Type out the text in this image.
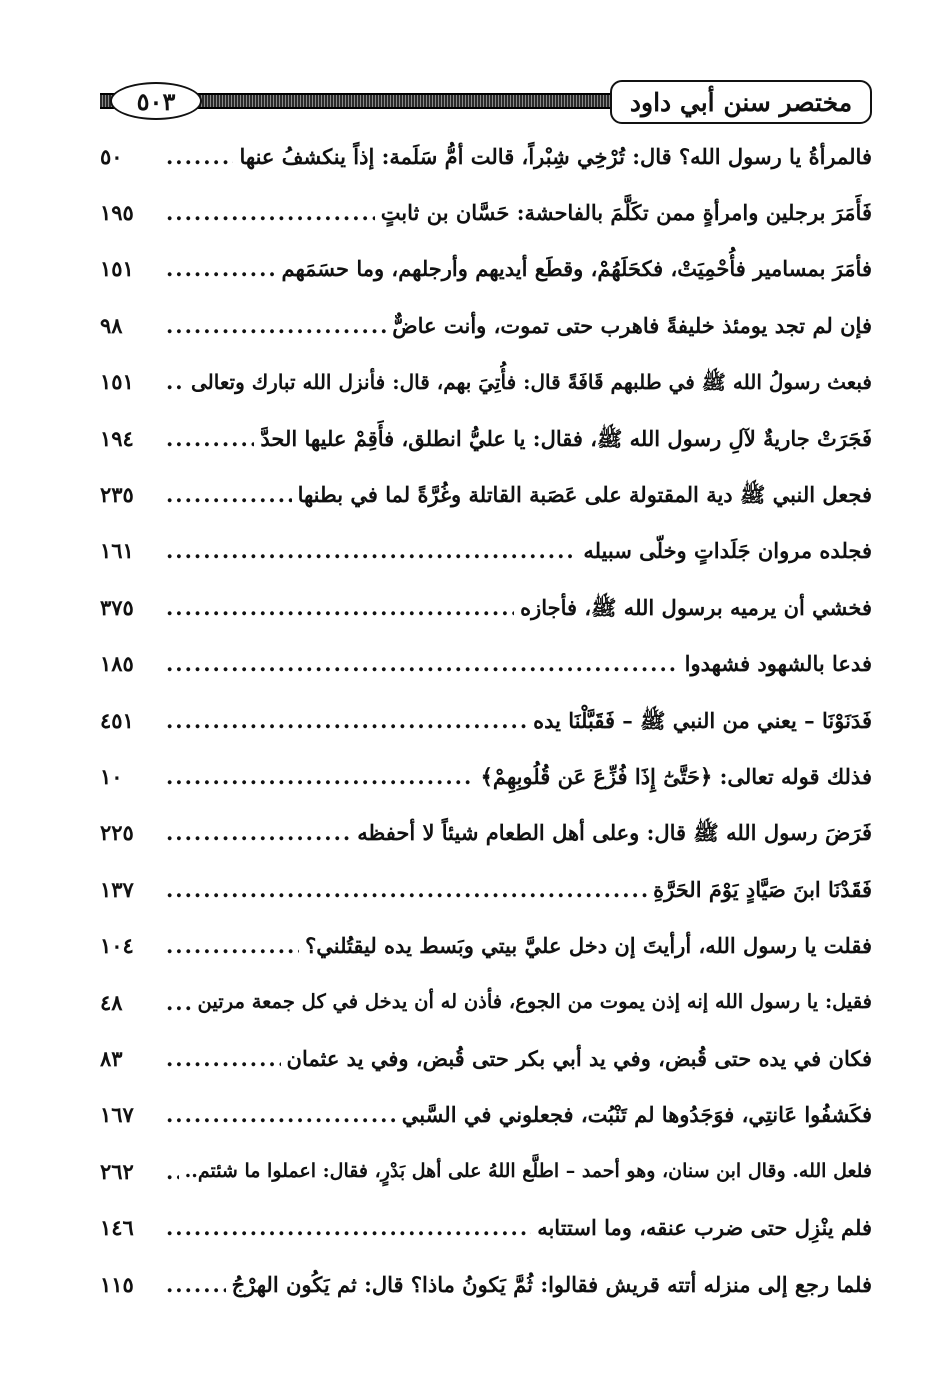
٥٠٣	مختصر سنن أبي داود
فالمرأةُ يا رسول الله؟ قال: تُرْخِي شِبْراً، قالت أمُّ سَلَمة: إذاً ينكشفُ عنها
.....
٥٠
فَأَمَرَ برجلين وامرأةٍ ممن تكَلَّمَ بالفاحشة: حَسَّان بن ثابتٍ
.....
١٩٥
فأمَرَ بمسامير فأُحْمِيَتْ، فكحَلَهُمْ، وقطَع أيديهم وأرجلهم، وما حسَمَهم
.....
١٥١
فإن لم تجد يومئذ خليفةً فاهرب حتى تموت، وأنت عاضٌّ
.....
٩٨
فبعث رسولُ الله ﷺ في طلبهم قَافَةً قال: فأُتِيَ بهم، قال: فأنزل الله تبارك وتعالى
.....
١٥١
فَجَرَتْ جاريةٌ لآلِ رسول الله ﷺ، فقال: يا عليُّ انطلق، فأَقِمْ عليها الحدَّ
.....
١٩٤
فجعل النبي ﷺ دية المقتولة على عَصَبة القاتلة وغُرَّةً لما في بطنها
.....
٢٣٥
فجلده مروان جَلَداتٍ وخلّى سبيله
.....
١٦١
فخشي أن يرميه برسول الله ﷺ، فأجازه
.....
٣٧٥
فدعا بالشهود فشهدوا
.....
١٨٥
فَدَنَوْنَا – يعني من النبي ﷺ – فَقَبَّلْنَا يده
.....
٤٥١
فذلك قوله تعالى: ﴿حَتَّىٰٓ إِذَا فُزِّعَ عَن قُلُوبِهِمْ﴾
.....
١٠
فَرَضَ رسول الله ﷺ قال: وعلى أهل الطعام شيئاً لا أحفظه
.....
٢٢٥
فَقَدْنَا ابنَ صَيَّادٍ يَوْمَ الحَرَّةِ
.....
١٣٧
فقلت يا رسول الله، أرأيتَ إن دخل عليَّ بيتي وبَسط يده ليقتُلني؟
.....
١٠٤
فقيل: يا رسول الله إنه إذن يموت من الجوع، فأذن له أن يدخل في كل جمعة مرتين
.....
٤٨
فكان في يده حتى قُبض، وفي يد أبي بكر حتى قُبض، وفي يد عثمان
.....
٨٣
فكَشفُوا عَانتِي، فوَجَدُوها لم تَنْبُت، فجعلوني في السَّبي
.....
١٦٧
فلعل الله. وقال ابن سنان، وهو أحمد – اطلَّع اللهُ على أهل بَدْرٍ، فقال: اعملوا ما شئتم..
.....
٢٦٢
فلم ينْزِل حتى ضرب عنقه، وما استتابه
.....
١٤٦
فلما رجع إلى منزله أتته قريش فقالوا: ثُمَّ يَكونُ ماذا؟ قال: ثم يَكُون الهرْجُ
.....
١١٥
